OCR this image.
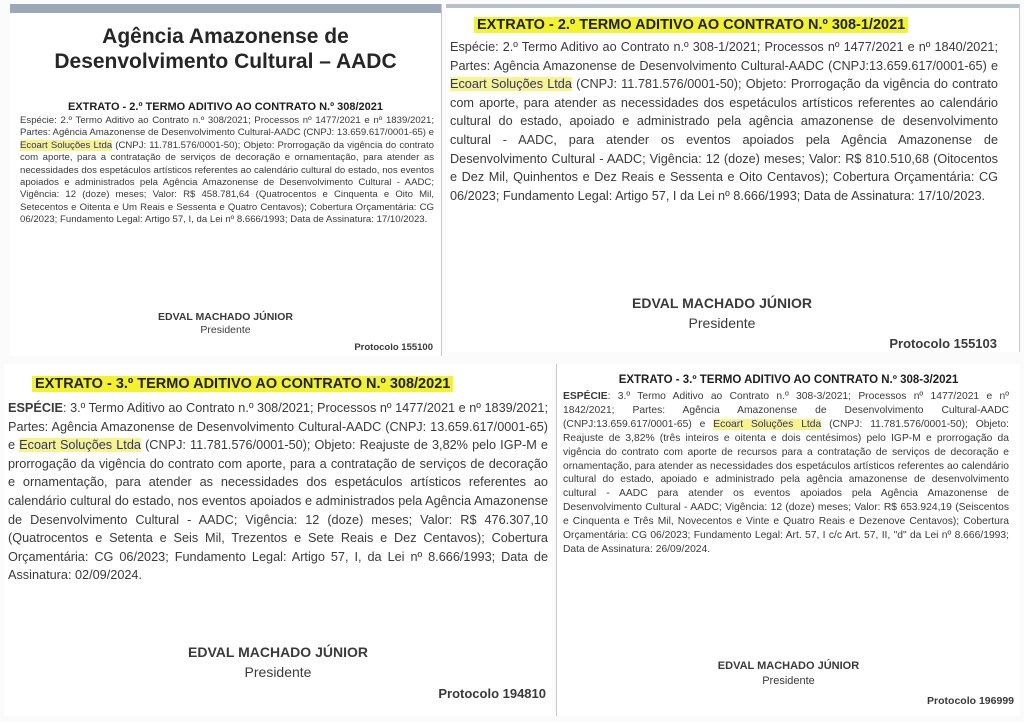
Agência Amazonense de
Desenvolvimento Cultural – AADC
EXTRATO - 2.º TERMO ADITIVO AO CONTRATO N.º 308/2021

Espécie: 2.º Termo Aditivo ao Contrato n.º 308/2021; Processos nº 1477/2021 e nº 1839/2021; Partes: Agência Amazonense de Desenvolvimento Cultural-AADC (CNPJ: 13.659.617/0001-65) e Ecoart Soluções Ltda (CNPJ: 11.781.576/0001-50); Objeto: Prorrogação da vigência do contrato com aporte, para a contratação de serviços de decoração e ornamentação, para atender as necessidades dos espetáculos artísticos referentes ao calendário cultural do estado, nos eventos apoiados e administrados pela Agência Amazonense de Desenvolvimento Cultural - AADC; Vigência: 12 (doze) meses; Valor: R$ 458.781,64 (Quatrocentos e Cinquenta e Oito Mil, Setecentos e Oitenta e Um Reais e Sessenta e Quatro Centavos); Cobertura Orçamentária: CG 06/2023; Fundamento Legal: Artigo 57, I, da Lei nº 8.666/1993; Data de Assinatura: 17/10/2023.

EDVAL MACHADO JÚNIOR
Presidente
Protocolo 155100
EXTRATO - 2.º TERMO ADITIVO AO CONTRATO N.º 308-1/2021

Espécie: 2.º Termo Aditivo ao Contrato n.º 308-1/2021; Processos nº 1477/2021 e nº 1840/2021; Partes: Agência Amazonense de Desenvolvimento Cultural-AADC (CNPJ:13.659.617/0001-65) e Ecoart Soluções Ltda (CNPJ: 11.781.576/0001-50); Objeto: Prorrogação da vigência do contrato com aporte, para atender as necessidades dos espetáculos artísticos referentes ao calendário cultural do estado, apoiado e administrado pela agência amazonense de desenvolvimento cultural - AADC, para atender os eventos apoiados pela Agência Amazonense de Desenvolvimento Cultural - AADC; Vigência: 12 (doze) meses; Valor: R$ 810.510,68 (Oitocentos e Dez Mil, Quinhentos e Dez Reais e Sessenta e Oito Centavos); Cobertura Orçamentária: CG 06/2023; Fundamento Legal: Artigo 57, I da Lei nº 8.666/1993; Data de Assinatura: 17/10/2023.

EDVAL MACHADO JÚNIOR
Presidente
Protocolo 155103
EXTRATO - 3.º TERMO ADITIVO AO CONTRATO N.º 308/2021

ESPÉCIE: 3.º Termo Aditivo ao Contrato n.º 308/2021; Processos nº 1477/2021 e nº 1839/2021; Partes: Agência Amazonense de Desenvolvimento Cultural-AADC (CNPJ: 13.659.617/0001-65) e Ecoart Soluções Ltda (CNPJ: 11.781.576/0001-50); Objeto: Reajuste de 3,82% pelo IGP-M e prorrogação da vigência do contrato com aporte, para a contratação de serviços de decoração e ornamentação, para atender as necessidades dos espetáculos artísticos referentes ao calendário cultural do estado, nos eventos apoiados e administrados pela Agência Amazonense de Desenvolvimento Cultural - AADC; Vigência: 12 (doze) meses; Valor: R$ 476.307,10 (Quatrocentos e Setenta e Seis Mil, Trezentos e Sete Reais e Dez Centavos); Cobertura Orçamentária: CG 06/2023; Fundamento Legal: Artigo 57, I, da Lei nº 8.666/1993; Data de Assinatura: 02/09/2024.

EDVAL MACHADO JÚNIOR
Presidente
Protocolo 194810
EXTRATO - 3.º TERMO ADITIVO AO CONTRATO N.º 308-3/2021

ESPÉCIE: 3.º Termo Aditivo ao Contrato n.º 308-3/2021; Processos nº 1477/2021 e nº 1842/2021; Partes: Agência Amazonense de Desenvolvimento Cultural-AADC (CNPJ:13.659.617/0001-65) e Ecoart Soluções Ltda (CNPJ: 11.781.576/0001-50); Objeto: Reajuste de 3,82% (três inteiros e oitenta e dois centésimos) pelo IGP-M e prorrogação da vigência do contrato com aporte de recursos para a contratação de serviços de decoração e ornamentação, para atender as necessidades dos espetáculos artísticos referentes ao calendário cultural do estado, apoiado e administrado pela agência amazonense de desenvolvimento cultural - AADC para atender os eventos apoiados pela Agência Amazonense de Desenvolvimento Cultural - AADC; Vigência: 12 (doze) meses; Valor: R$ 653.924,19 (Seiscentos e Cinquenta e Três Mil, Novecentos e Vinte e Quatro Reais e Dezenove Centavos); Cobertura Orçamentária: CG 06/2023; Fundamento Legal: Art. 57, I c/c Art. 57, II, "d" da Lei nº 8.666/1993; Data de Assinatura: 26/09/2024.

EDVAL MACHADO JÚNIOR
Presidente
Protocolo 196999
